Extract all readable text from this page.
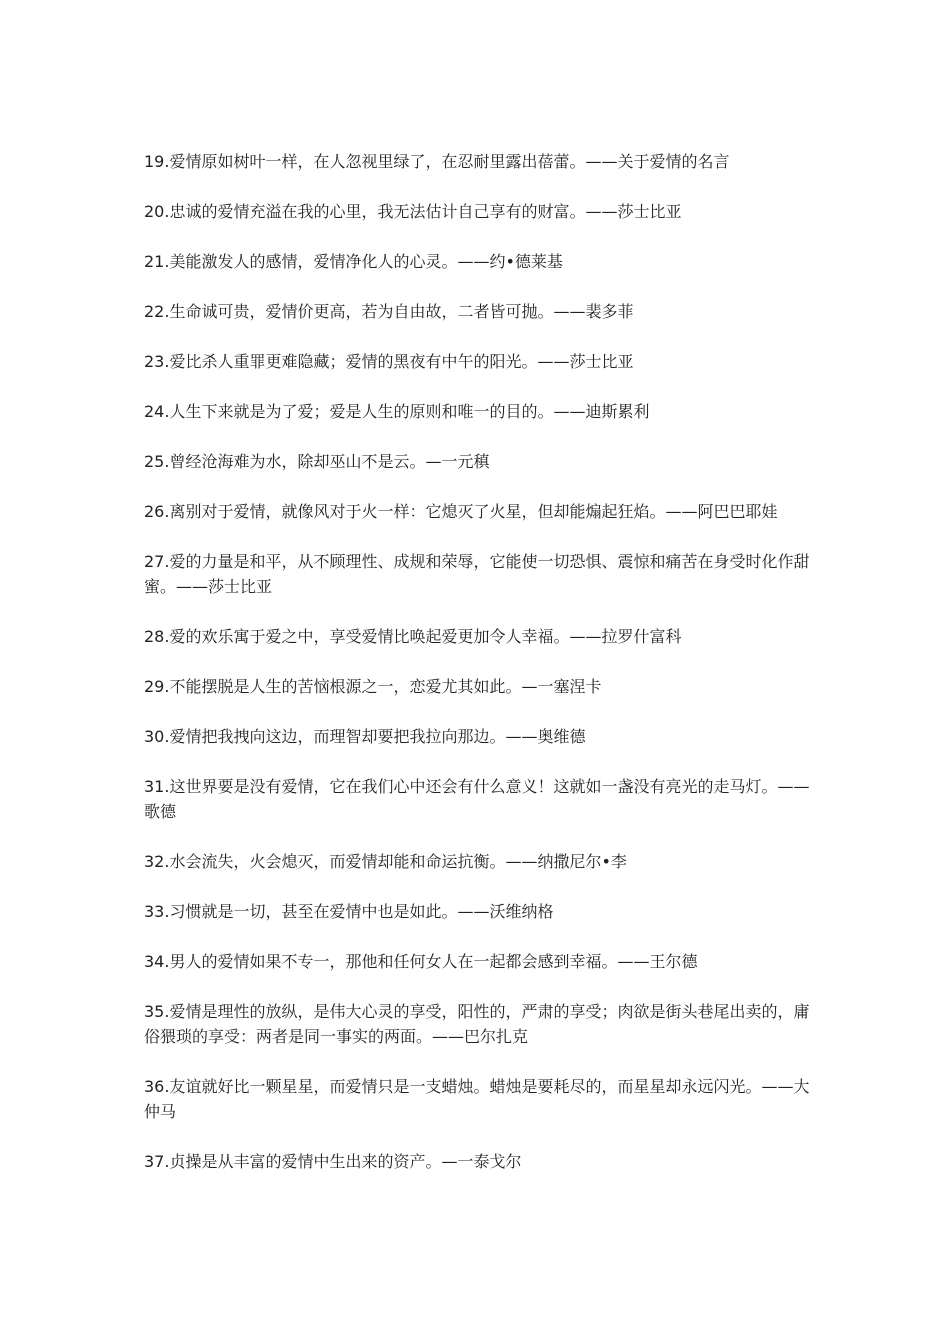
19.爱情原如树叶一样，在人忽视里绿了，在忍耐里露出蓓蕾。——关于爱情的名言
20.忠诚的爱情充溢在我的心里，我无法估计自己享有的财富。——莎士比亚
21.美能激发人的感情，爱情净化人的心灵。——约•德莱基
22.生命诚可贵，爱情价更高，若为自由故，二者皆可抛。——裴多菲
23.爱比杀人重罪更难隐藏；爱情的黑夜有中午的阳光。——莎士比亚
24.人生下来就是为了爱；爱是人生的原则和唯一的目的。——迪斯累利
25.曾经沧海难为水，除却巫山不是云。—一元稹
26.离别对于爱情，就像风对于火一样：它熄灭了火星，但却能煽起狂焰。——阿巴巴耶娃
27.爱的力量是和平，从不顾理性、成规和荣辱，它能使一切恐惧、震惊和痛苦在身受时化作甜蜜。——莎士比亚
28.爱的欢乐寓于爱之中，享受爱情比唤起爱更加令人幸福。——拉罗什富科
29.不能摆脱是人生的苦恼根源之一，恋爱尤其如此。—一塞涅卡
30.爱情把我拽向这边，而理智却要把我拉向那边。——奥维德
31.这世界要是没有爱情，它在我们心中还会有什么意义！这就如一盏没有亮光的走马灯。——歌德
32.水会流失，火会熄灭，而爱情却能和命运抗衡。——纳撒尼尔•李
33.习惯就是一切，甚至在爱情中也是如此。——沃维纳格
34.男人的爱情如果不专一，那他和任何女人在一起都会感到幸福。——王尔德
35.爱情是理性的放纵，是伟大心灵的享受，阳性的，严肃的享受；肉欲是街头巷尾出卖的，庸俗猥琐的享受：两者是同一事实的两面。——巴尔扎克
36.友谊就好比一颗星星，而爱情只是一支蜡烛。蜡烛是要耗尽的，而星星却永远闪光。——大仲马
37.贞操是从丰富的爱情中生出来的资产。—一泰戈尔
